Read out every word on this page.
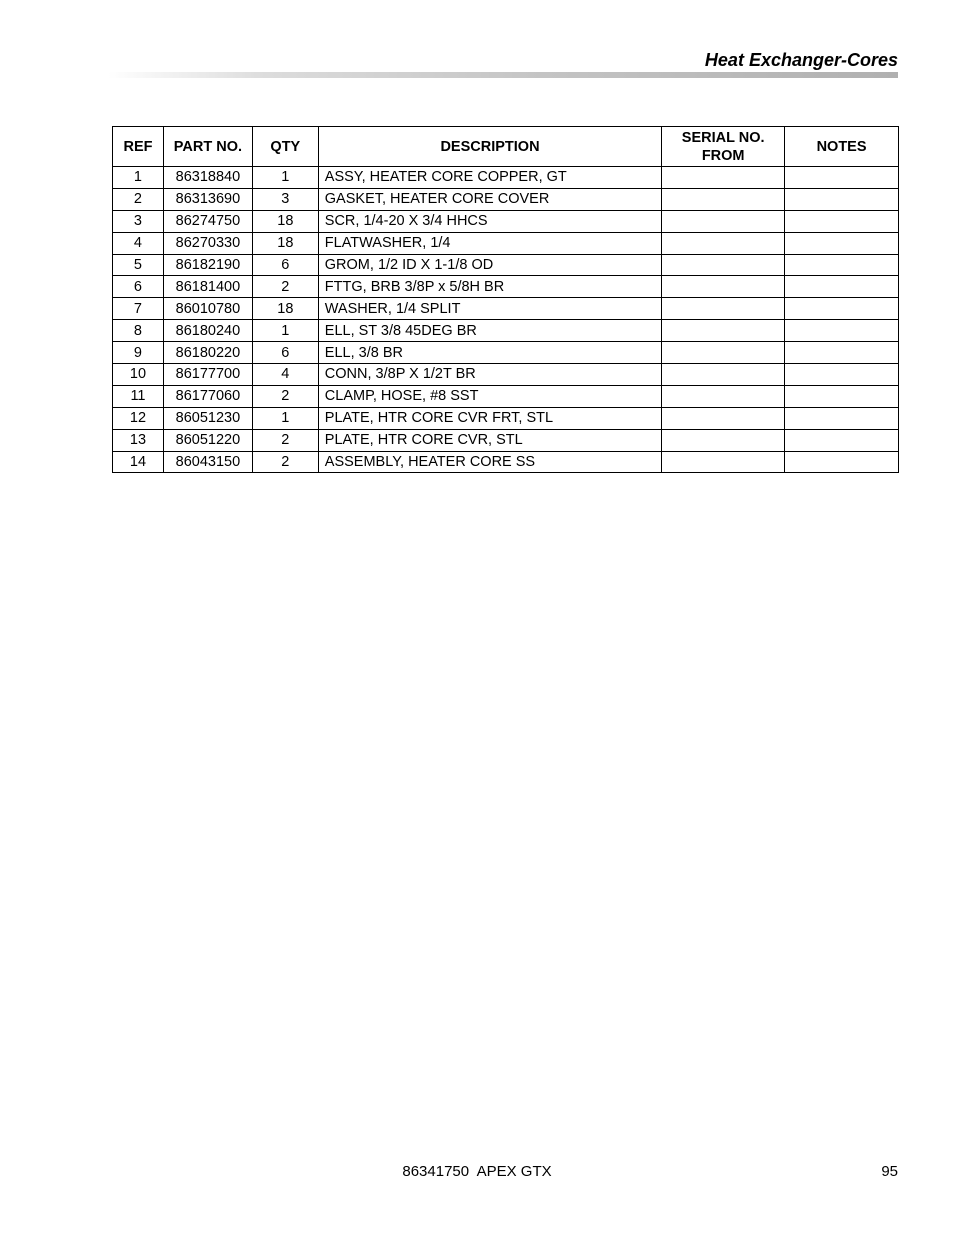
Heat Exchanger-Cores
REF	PART NO.	QTY	DESCRIPTION	SERIAL NO. FROM	NOTES
1	86318840	1	ASSY, HEATER CORE COPPER, GT		
2	86313690	3	GASKET, HEATER CORE COVER		
3	86274750	18	SCR, 1/4-20 X 3/4 HHCS		
4	86270330	18	FLATWASHER, 1/4		
5	86182190	6	GROM, 1/2 ID X 1-1/8 OD		
6	86181400	2	FTTG, BRB 3/8P x 5/8H BR		
7	86010780	18	WASHER, 1/4 SPLIT		
8	86180240	1	ELL, ST 3/8 45DEG BR		
9	86180220	6	ELL, 3/8 BR		
10	86177700	4	CONN, 3/8P X 1/2T BR		
11	86177060	2	CLAMP, HOSE, #8 SST		
12	86051230	1	PLATE, HTR CORE CVR FRT, STL		
13	86051220	2	PLATE, HTR CORE CVR, STL		
14	86043150	2	ASSEMBLY, HEATER CORE SS		
86341750  APEX GTX	95
